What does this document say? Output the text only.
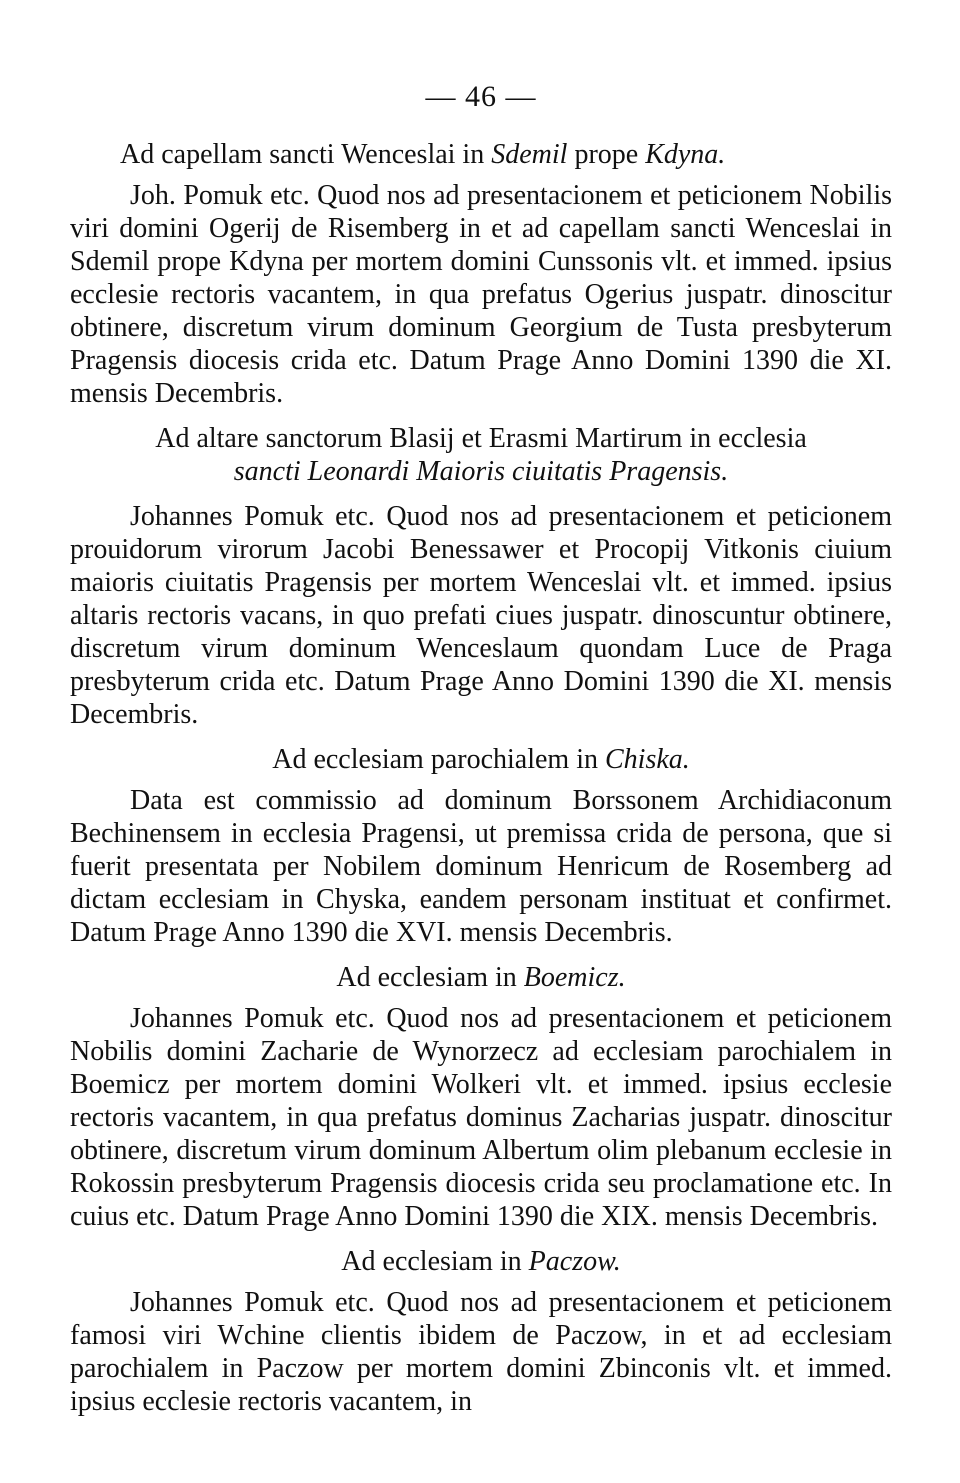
— 46 —

Ad capellam sancti Wenceslai in Sdemil prope Kdyna.

Joh. Pomuk etc. Quod nos ad presentacionem et peticionem Nobilis viri domini Ogerij de Risemberg in et ad capellam sancti Wenceslai in Sdemil prope Kdyna per mortem domini Cunssonis vlt. et immed. ipsius ecclesie rectoris vacantem, in qua prefatus Ogerius juspatr. dinoscitur obtinere, discretum virum dominum Georgium de Tusta presbyterum Pragensis diocesis crida etc. Datum Prage Anno Domini 1390 die XI. mensis Decembris.

Ad altare sanctorum Blasij et Erasmi Martirum in ecclesia

sancti Leonardi Maioris ciuitatis Pragensis.

Johannes Pomuk etc. Quod nos ad presentacionem et peticionem prouidorum virorum Jacobi Benessawer et Procopij Vitkonis ciuium maioris ciuitatis Pragensis per mortem Wenceslai vlt. et immed. ipsius altaris rectoris vacans, in quo prefati ciues juspatr. dinoscuntur obtinere, discretum virum dominum Wenceslaum quondam Luce de Praga presbyterum crida etc. Datum Prage Anno Domini 1390 die XI. mensis Decembris.

Ad ecclesiam parochialem in Chiska.

Data est commissio ad dominum Borssonem Archidiaconum Bechinensem in ecclesia Pragensi, ut premissa crida de persona, que si fuerit presentata per Nobilem dominum Henricum de Rosemberg ad dictam ecclesiam in Chyska, eandem personam instituat et confirmet. Datum Prage Anno 1390 die XVI. mensis Decembris.

Ad ecclesiam in Boemicz.

Johannes Pomuk etc. Quod nos ad presentacionem et peticionem Nobilis domini Zacharie de Wynorzecz ad ecclesiam parochialem in Boemicz per mortem domini Wolkeri vlt. et immed. ipsius ecclesie rectoris vacantem, in qua prefatus dominus Zacharias juspatr. dinoscitur obtinere, discretum virum dominum Albertum olim plebanum ecclesie in Rokossin presbyterum Pragensis diocesis crida seu proclamatione etc. In cuius etc. Datum Prage Anno Domini 1390 die XIX. mensis Decembris.

Ad ecclesiam in Paczow.

Johannes Pomuk etc. Quod nos ad presentacionem et peticionem famosi viri Wchine clientis ibidem de Paczow, in et ad ecclesiam parochialem in Paczow per mortem domini Zbinconis vlt. et immed. ipsius ecclesie rectoris vacantem, in
